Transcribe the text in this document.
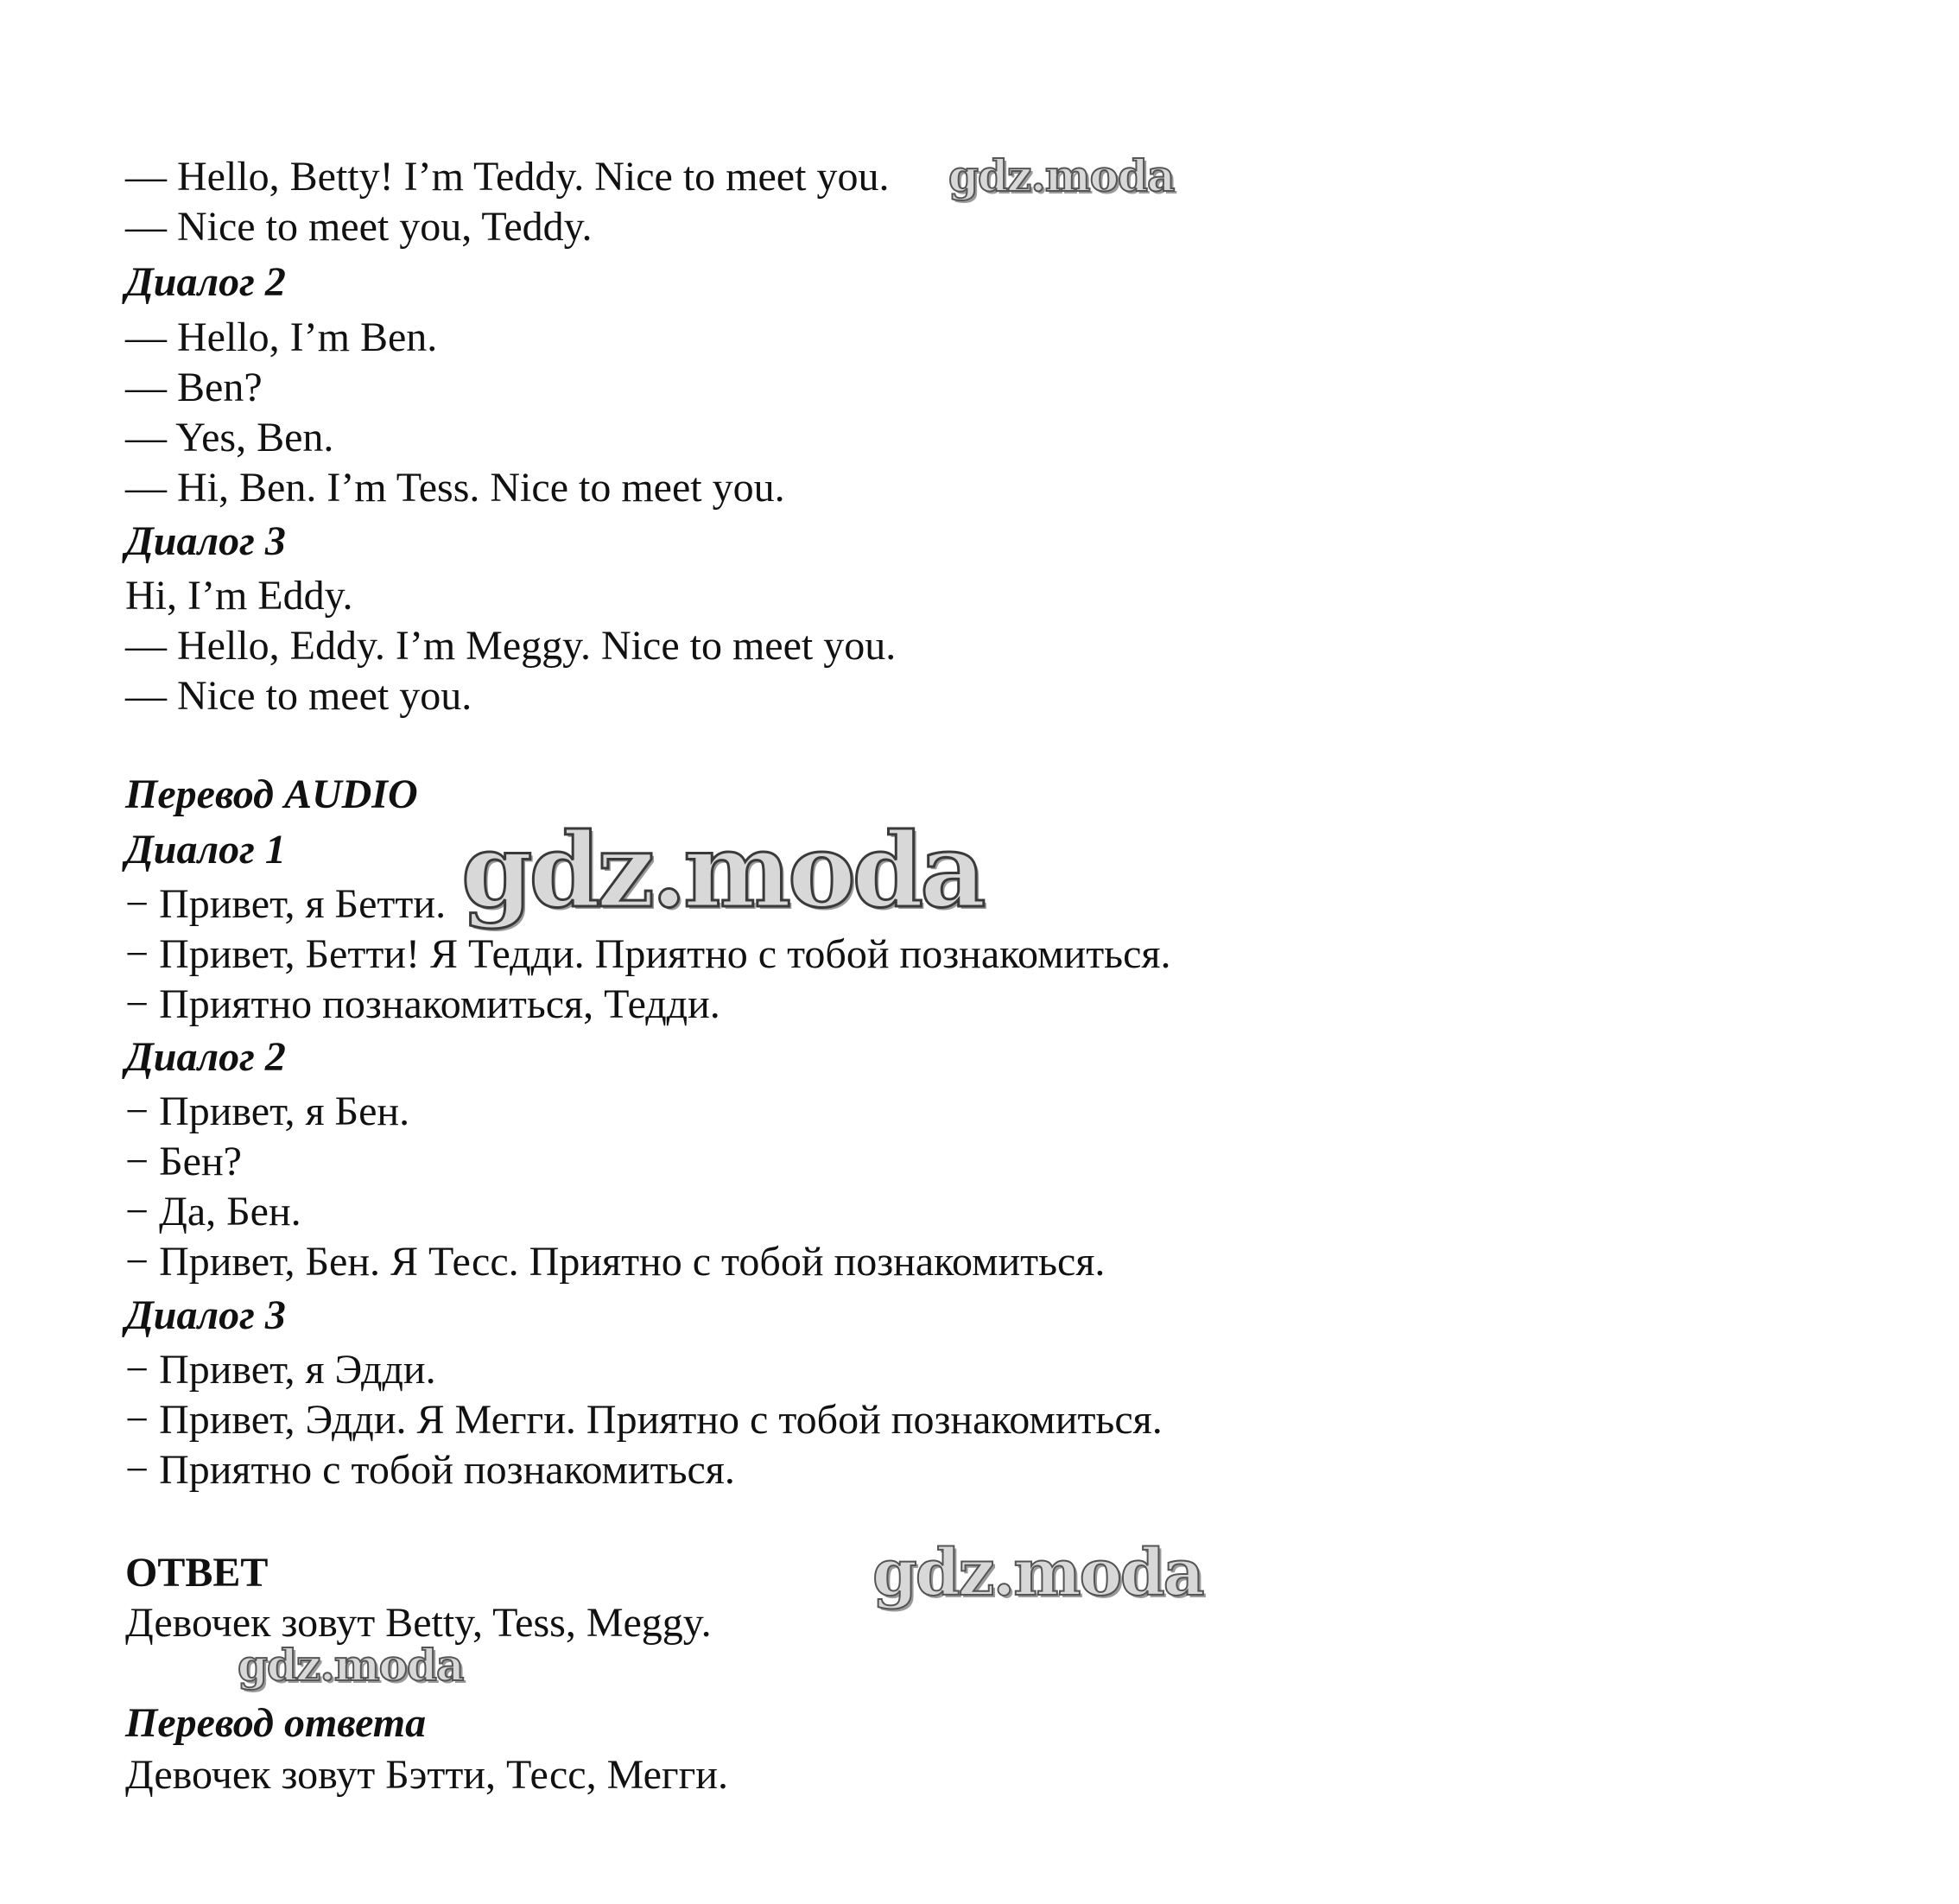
— Hello, Betty! I’m Teddy. Nice to meet you.
— Nice to meet you, Teddy.
Диалог 2
— Hello, I’m Ben.
— Ben?
— Yes, Ben.
— Hi, Ben. I’m Tess. Nice to meet you.
Диалог 3
Hi, I’m Eddy.
— Hello, Eddy. I’m Meggy. Nice to meet you.
— Nice to meet you.
Перевод AUDIO
Диалог 1
− Привет, я Бетти.
− Привет, Бетти! Я Тедди. Приятно с тобой познакомиться.
− Приятно познакомиться, Тедди.
Диалог 2
− Привет, я Бен.
− Бен?
− Да, Бен.
− Привет, Бен. Я Тесс. Приятно с тобой познакомиться.
Диалог 3
− Привет, я Эдди.
− Привет, Эдди. Я Мегги. Приятно с тобой познакомиться.
− Приятно с тобой познакомиться.
ОТВЕТ
Девочек зовут Betty, Tess, Meggy.
Перевод ответа
Девочек зовут Бэтти, Тесс, Мегги.
gdz.moda
gdz.moda
gdz.moda
gdz.moda
